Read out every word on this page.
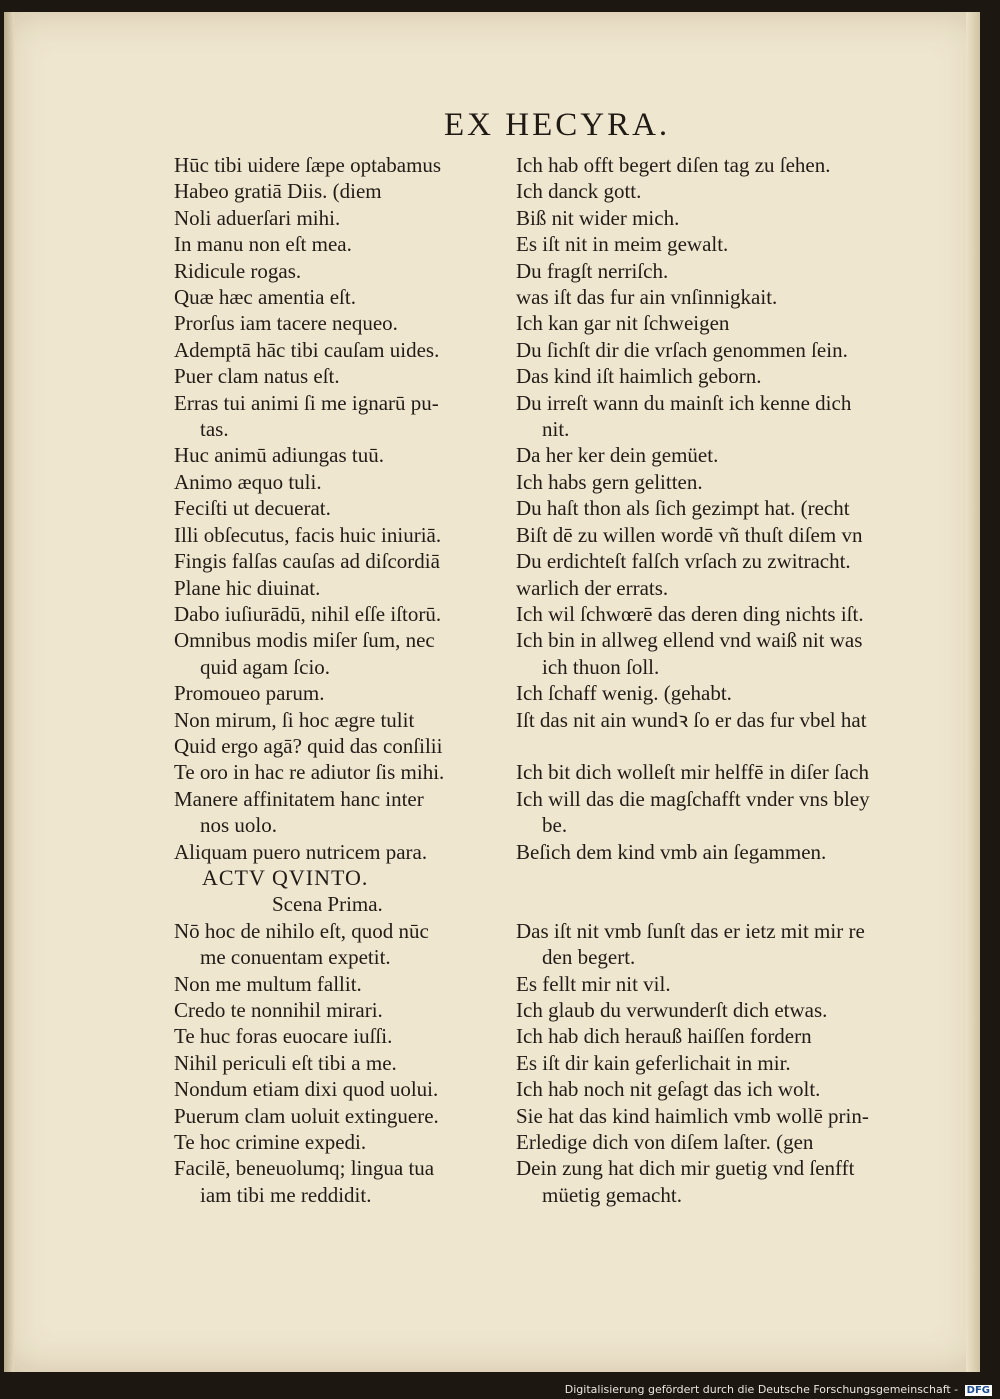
EX HECYRA.
Hūc tibi uidere ſæpe optabamus	Ich hab offt begert diſen tag zu ſehen.
Habeo gratiā Diis. (diem	Ich danck gott.
Noli aduerſari mihi.	Biß nit wider mich.
In manu non eſt mea.	Es iſt nit in meim gewalt.
Ridicule rogas.	Du fragſt nerriſch.
Quæ hæc amentia eſt.	was iſt das fur ain vnſinnigkait.
Prorſus iam tacere nequeo.	Ich kan gar nit ſchweigen
Ademptā hāc tibi cauſam uides.	Du ſichſt dir die vrſach genommen ſein.
Puer clam natus eſt.	Das kind iſt haimlich geborn.
Erras tui animi ſi me ignarū pu-	Du irreſt wann du mainſt ich kenne dich
tas.	nit.
Huc animū adiungas tuū.	Da her ker dein gemüet.
Animo æquo tuli.	Ich habs gern gelitten.
Feciſti ut decuerat.	Du haſt thon als ſich gezimpt hat. (recht
Illi obſecutus, facis huic iniuriā.	Biſt dē zu willen wordē vñ thuſt diſem vn
Fingis falſas cauſas ad diſcordiā	Du erdichteſt falſch vrſach zu zwitracht.
Plane hic diuinat.	warlich der errats.
Dabo iuſiurādū, nihil eſſe iſtorū.	Ich wil ſchwœrē das deren ding nichts iſt.
Omnibus modis miſer ſum, nec	Ich bin in allweg ellend vnd waiß nit was
quid agam ſcio.	ich thuon ſoll.
Promoueo parum.	Ich ſchaff wenig. (gehabt.
Non mirum, ſi hoc ægre tulit	Iſt das nit ain wundꝛ ſo er das fur vbel hat
Quid ergo agā? quid das conſilii
Te oro in hac re adiutor ſis mihi.	Ich bit dich wolleſt mir helffē in diſer ſach
Manere affinitatem hanc inter	Ich will das die magſchafft vnder vns bley
nos uolo.	be.
Aliquam puero nutricem para.	Beſich dem kind vmb ain ſegammen.
ACTV QVINTO.
Scena Prima.
Nō hoc de nihilo eſt, quod nūc	Das iſt nit vmb ſunſt das er ietz mit mir re
me conuentam expetit.	den begert.
Non me multum fallit.	Es fellt mir nit vil.
Credo te nonnihil mirari.	Ich glaub du verwunderſt dich etwas.
Te huc foras euocare iuſſi.	Ich hab dich herauß haiſſen fordern
Nihil periculi eſt tibi a me.	Es iſt dir kain geferlichait in mir.
Nondum etiam dixi quod uolui.	Ich hab noch nit geſagt das ich wolt.
Puerum clam uoluit extinguere.	Sie hat das kind haimlich vmb wollē prin-
Te hoc crimine expedi.	Erledige dich von diſem laſter. (gen
Facilē, beneuolumq; lingua tua	Dein zung hat dich mir guetig vnd ſenfft
iam tibi me reddidit.	müetig gemacht.
Digitalisierung gefördert durch die Deutsche Forschungsgemeinschaft - DFG
